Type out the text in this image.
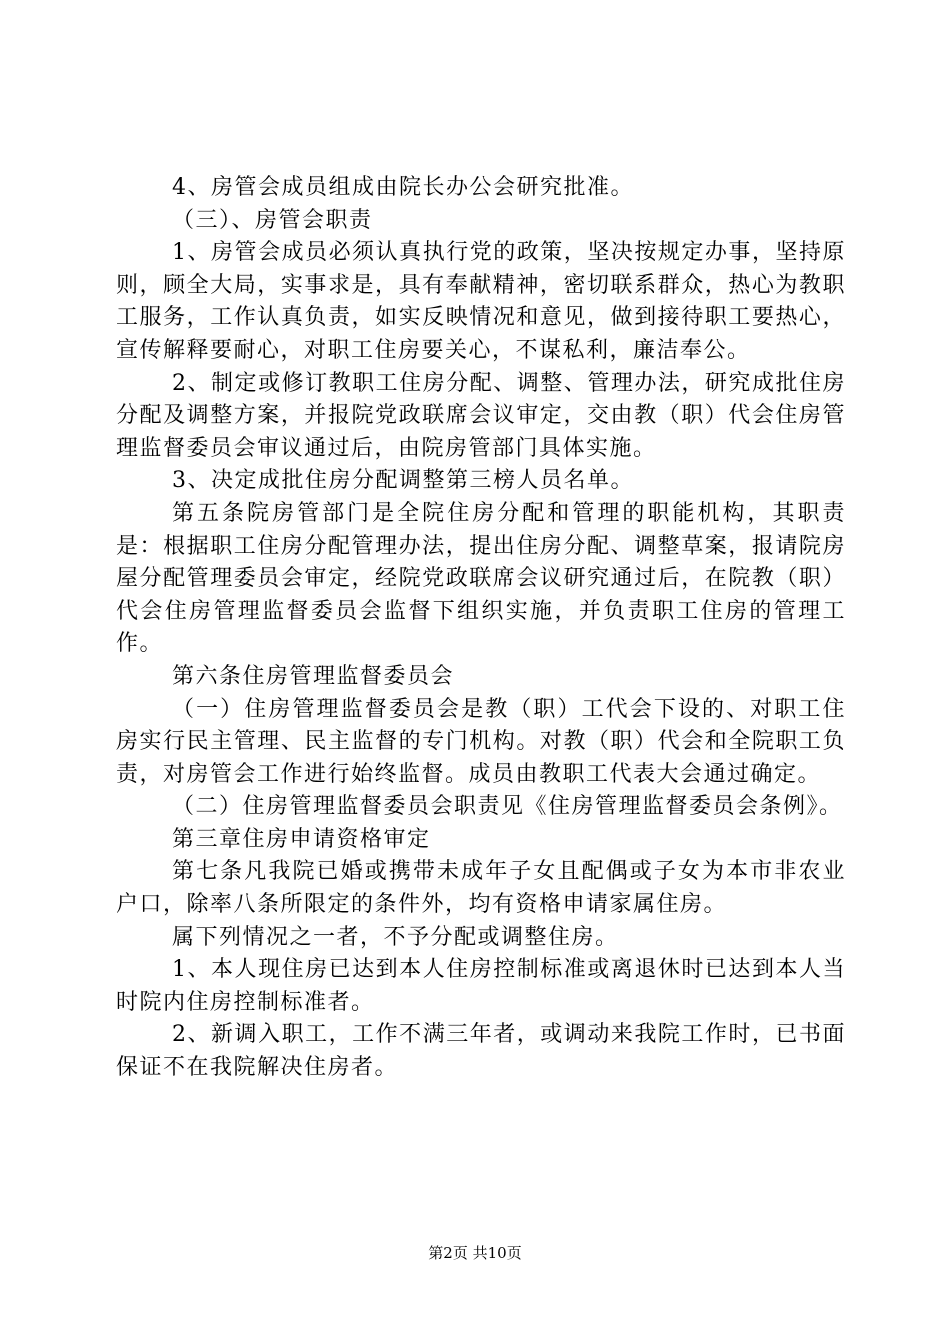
4、房管会成员组成由院长办公会研究批准。

（三）、房管会职责

1、房管会成员必须认真执行党的政策，坚决按规定办事，坚持原则，顾全大局，实事求是，具有奉献精神，密切联系群众，热心为教职工服务，工作认真负责，如实反映情况和意见，做到接待职工要热心，宣传解释要耐心，对职工住房要关心，不谋私利，廉洁奉公。

2、制定或修订教职工住房分配、调整、管理办法，研究成批住房分配及调整方案，并报院党政联席会议审定，交由教（职）代会住房管理监督委员会审议通过后，由院房管部门具体实施。

3、决定成批住房分配调整第三榜人员名单。

第五条院房管部门是全院住房分配和管理的职能机构，其职责是：根据职工住房分配管理办法，提出住房分配、调整草案，报请院房屋分配管理委员会审定，经院党政联席会议研究通过后，在院教（职）代会住房管理监督委员会监督下组织实施，并负责职工住房的管理工作。

第六条住房管理监督委员会

（一）住房管理监督委员会是教（职）工代会下设的、对职工住房实行民主管理、民主监督的专门机构。对教（职）代会和全院职工负责，对房管会工作进行始终监督。成员由教职工代表大会通过确定。

（二）住房管理监督委员会职责见《住房管理监督委员会条例》。

第三章住房申请资格审定

第七条凡我院已婚或携带未成年子女且配偶或子女为本市非农业户口，除率八条所限定的条件外，均有资格申请家属住房。

属下列情况之一者，不予分配或调整住房。

1、本人现住房已达到本人住房控制标准或离退休时已达到本人当时院内住房控制标准者。

2、新调入职工，工作不满三年者，或调动来我院工作时，已书面保证不在我院解决住房者。

第2页 共10页
